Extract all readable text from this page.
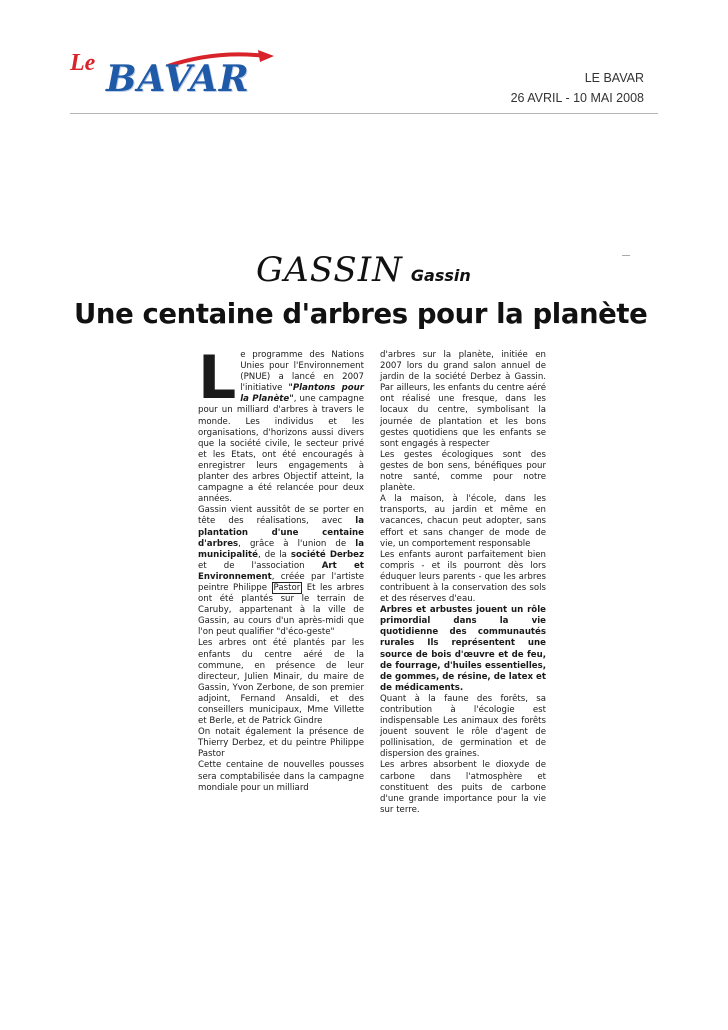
Le BAVAR	LE BAVAR
26 AVRIL - 10 MAI 2008
GASSIN Gassin
Une centaine d'arbres pour la planète

Le programme des Nations Unies pour l'Environnement (PNUE) a lancé en 2007 l'initiative "Plantons pour la Planète", une campagne pour un milliard d'arbres à travers le monde. Les individus et les organisations, d'horizons aussi divers que la société civile, le secteur privé et les Etats, ont été encouragés à enregistrer leurs engagements à planter des arbres Objectif atteint, la campagne a été relancée pour deux années.

Gassin vient aussitôt de se porter en tête des réalisations, avec la plantation d'une centaine d'arbres, grâce à l'union de la municipalité, de la société Derbez et de l'association Art et Environnement, créée par l'artiste peintre Philippe Pastor Et les arbres ont été plantés sur le terrain de Caruby, appartenant à la ville de Gassin, au cours d'un après-midi que l'on peut qualifier "d'éco-geste"

Les arbres ont été plantés par les enfants du centre aéré de la commune, en présence de leur directeur, Julien Minair, du maire de Gassin, Yvon Zerbone, de son premier adjoint, Fernand Ansaldi, et des conseillers municipaux, Mme Villette et Berle, et de Patrick Gindre

On notait également la présence de Thierry Derbez, et du peintre Philippe Pastor

Cette centaine de nouvelles pousses sera comptabilisée dans la campagne mondiale pour un milliard

d'arbres sur la planète, initiée en 2007 lors du grand salon annuel de jardin de la société Derbez à Gassin. Par ailleurs, les enfants du centre aéré ont réalisé une fresque, dans les locaux du centre, symbolisant la journée de plantation et les bons gestes quotidiens que les enfants se sont engagés à respecter

Les gestes écologiques sont des gestes de bon sens, bénéfiques pour notre santé, comme pour notre planète.

A la maison, à l'école, dans les transports, au jardin et même en vacances, chacun peut adopter, sans effort et sans changer de mode de vie, un comportement responsable

Les enfants auront parfaitement bien compris - et ils pourront dès lors éduquer leurs parents - que les arbres contribuent à la conservation des sols et des réserves d'eau.

Arbres et arbustes jouent un rôle primordial dans la vie quotidienne des communautés rurales Ils représentent une source de bois d'œuvre et de feu, de fourrage, d'huiles essentielles, de gommes, de résine, de latex et de médicaments.

Quant à la faune des forêts, sa contribution à l'écologie est indispensable Les animaux des forêts jouent souvent le rôle d'agent de pollinisation, de germination et de dispersion des graines.

Les arbres absorbent le dioxyde de carbone dans l'atmosphère et constituent des puits de carbone d'une grande importance pour la vie sur terre.
